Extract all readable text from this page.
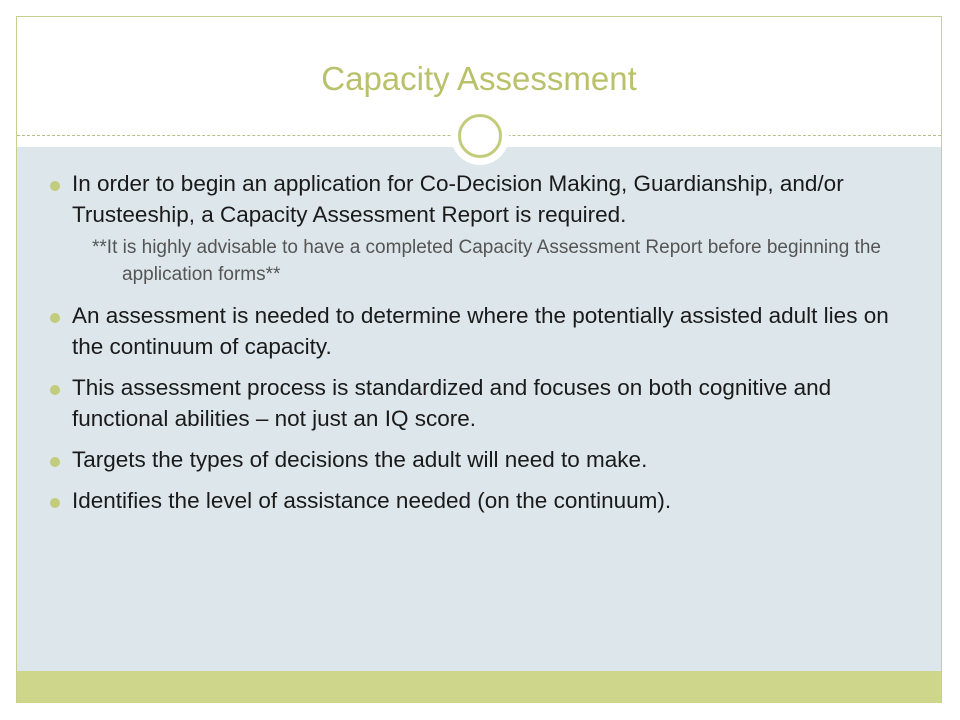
Capacity Assessment
In order to begin an application for Co-Decision Making, Guardianship, and/or Trusteeship, a Capacity Assessment Report is required.
**It is highly advisable to have a completed Capacity Assessment Report before beginning the application forms**
An assessment is needed to determine where the potentially assisted adult lies on the continuum of capacity.
This assessment process is standardized and focuses on both cognitive and functional abilities – not just an IQ score.
Targets the types of decisions the adult will need to make.
Identifies the level of assistance needed (on the continuum).
